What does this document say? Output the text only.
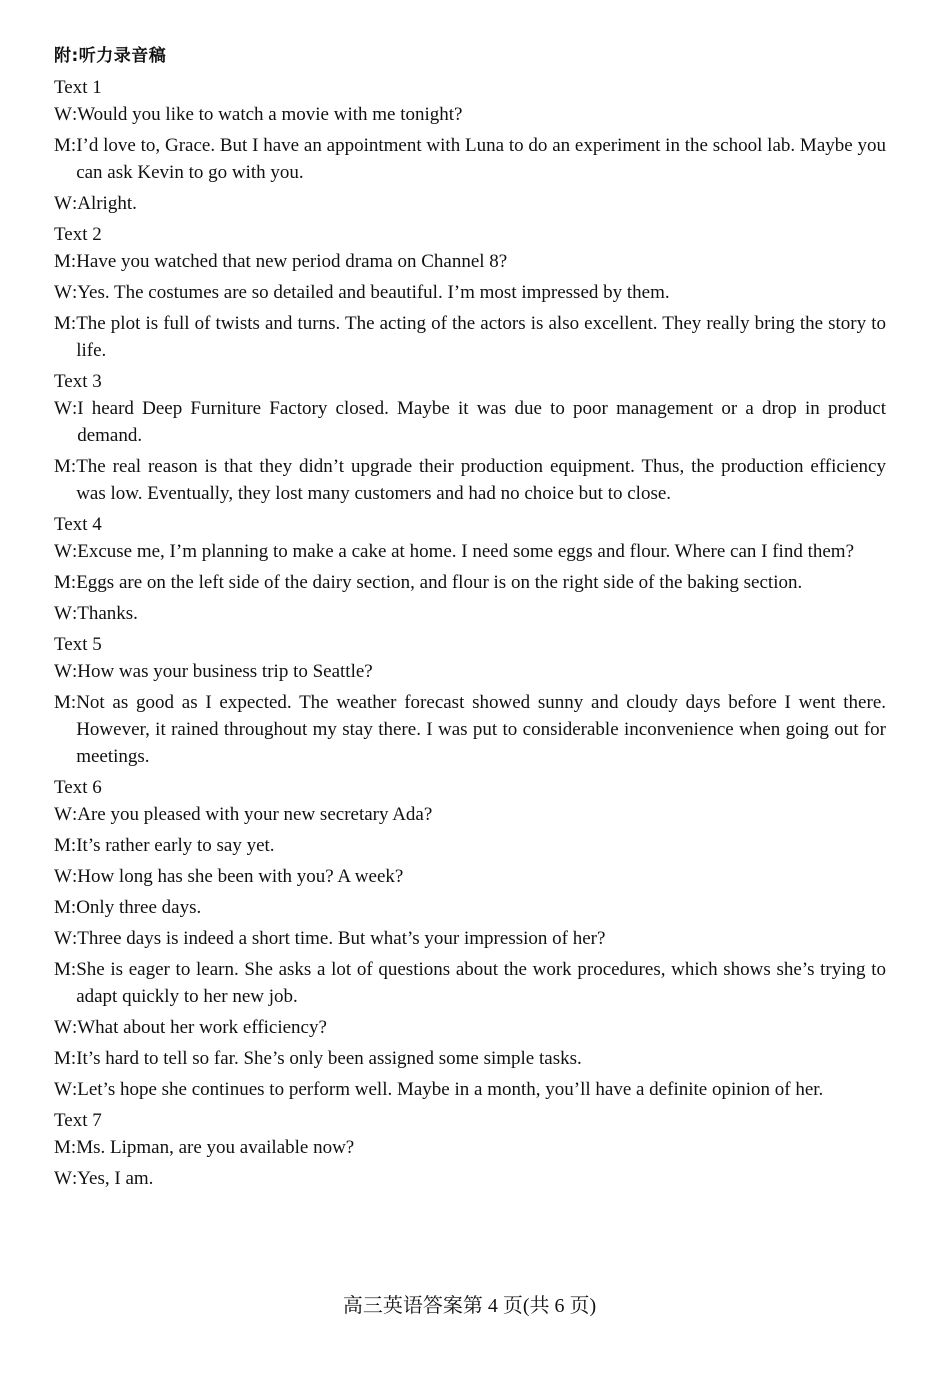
附:听力录音稿
Text 1
W : Would you like to watch a movie with me tonight?
M : I’d love to, Grace. But I have an appointment with Luna to do an experiment in the school lab. Maybe you can ask Kevin to go with you.
W : Alright.
Text 2
M : Have you watched that new period drama on Channel 8?
W : Yes. The costumes are so detailed and beautiful. I’m most impressed by them.
M : The plot is full of twists and turns. The acting of the actors is also excellent. They really bring the story to life.
Text 3
W : I heard Deep Furniture Factory closed. Maybe it was due to poor management or a drop in product demand.
M : The real reason is that they didn’t upgrade their production equipment. Thus, the production efficiency was low. Eventually, they lost many customers and had no choice but to close.
Text 4
W : Excuse me, I’m planning to make a cake at home. I need some eggs and flour. Where can I find them?
M : Eggs are on the left side of the dairy section, and flour is on the right side of the baking section.
W : Thanks.
Text 5
W : How was your business trip to Seattle?
M : Not as good as I expected. The weather forecast showed sunny and cloudy days before I went there. However, it rained throughout my stay there. I was put to considerable inconvenience when going out for meetings.
Text 6
W : Are you pleased with your new secretary Ada?
M : It’s rather early to say yet.
W : How long has she been with you? A week?
M : Only three days.
W : Three days is indeed a short time. But what’s your impression of her?
M : She is eager to learn. She asks a lot of questions about the work procedures, which shows she’s trying to adapt quickly to her new job.
W : What about her work efficiency?
M : It’s hard to tell so far. She’s only been assigned some simple tasks.
W : Let’s hope she continues to perform well. Maybe in a month, you’ll have a definite opinion of her.
Text 7
M : Ms. Lipman, are you available now?
W : Yes, I am.
高三英语答案第 4 页(共 6 页)
